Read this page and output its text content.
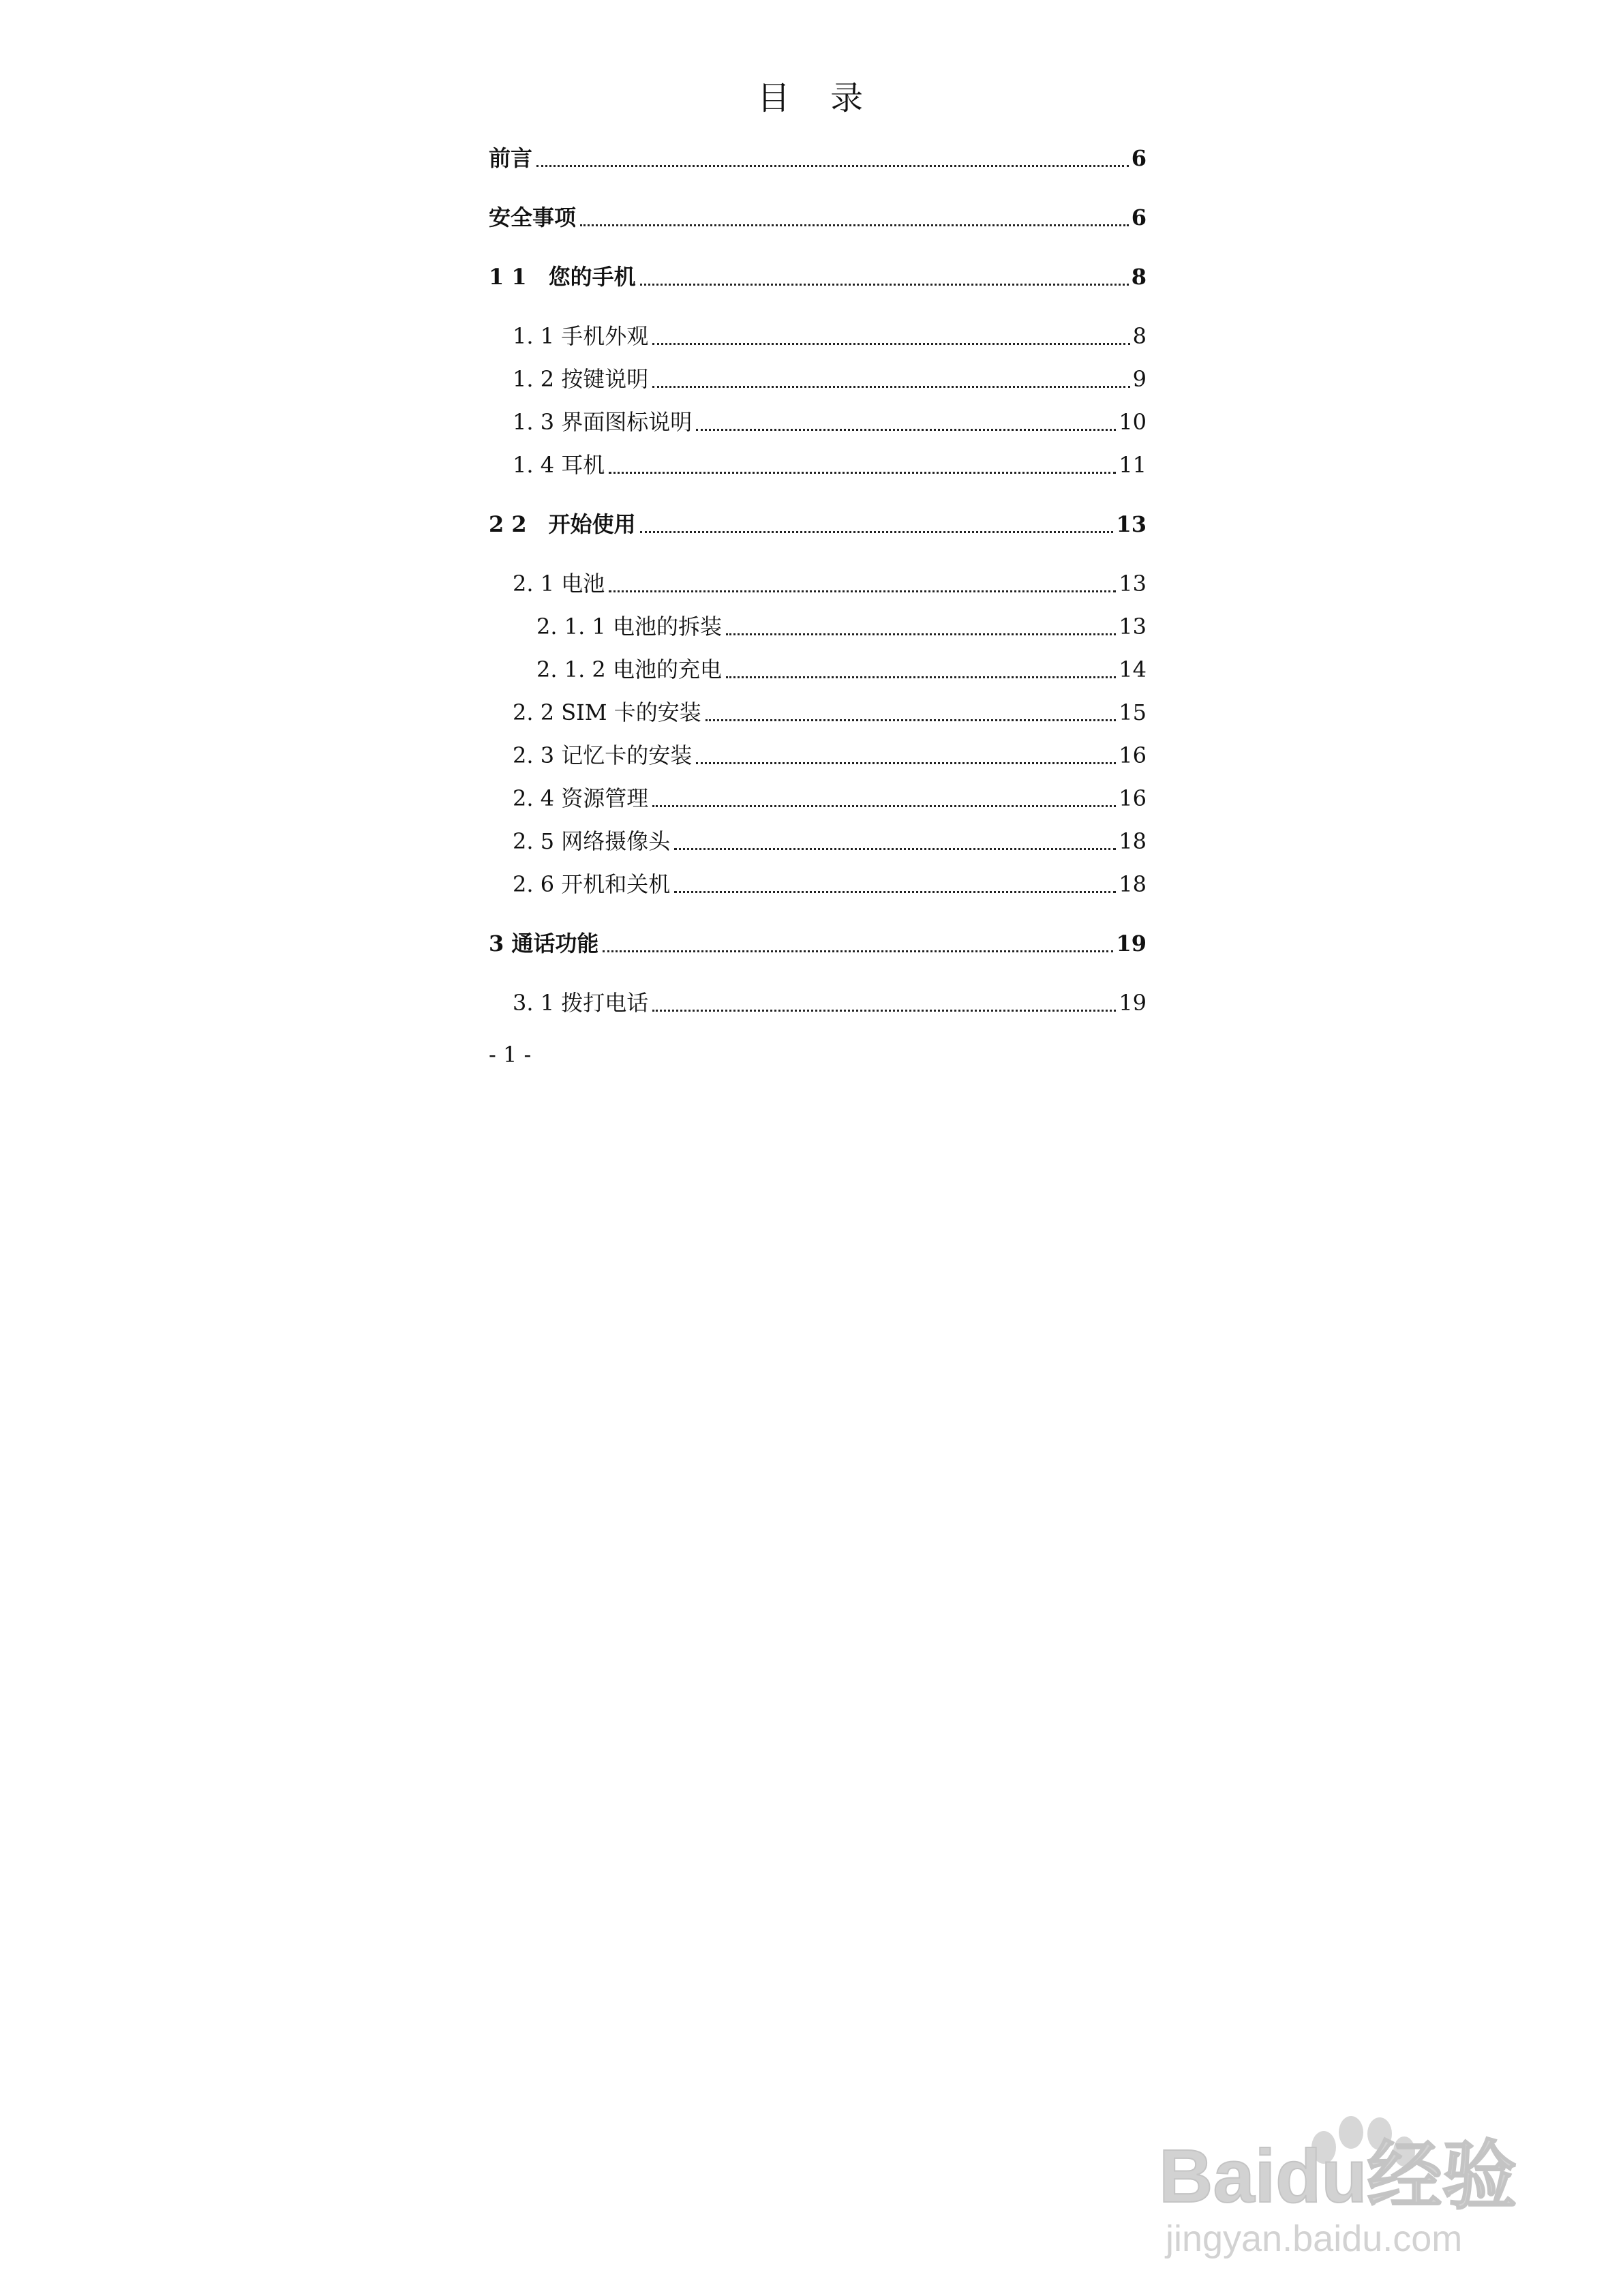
目 录
前言	6
安全事项	6
1 1　您的手机	8
1. 1 手机外观	8
1. 2 按键说明	9
1. 3 界面图标说明	10
1. 4 耳机	11
2 2　开始使用	13
2. 1 电池	13
2. 1. 1 电池的拆装	13
2. 1. 2 电池的充电	14
2. 2 SIM 卡的安装	15
2. 3 记忆卡的安装	16
2. 4 资源管理	16
2. 5 网络摄像头	18
2. 6 开机和关机	18
3 通话功能	19
3. 1 拨打电话	19
- 1 -
Baidu经验
jingyan.baidu.com
